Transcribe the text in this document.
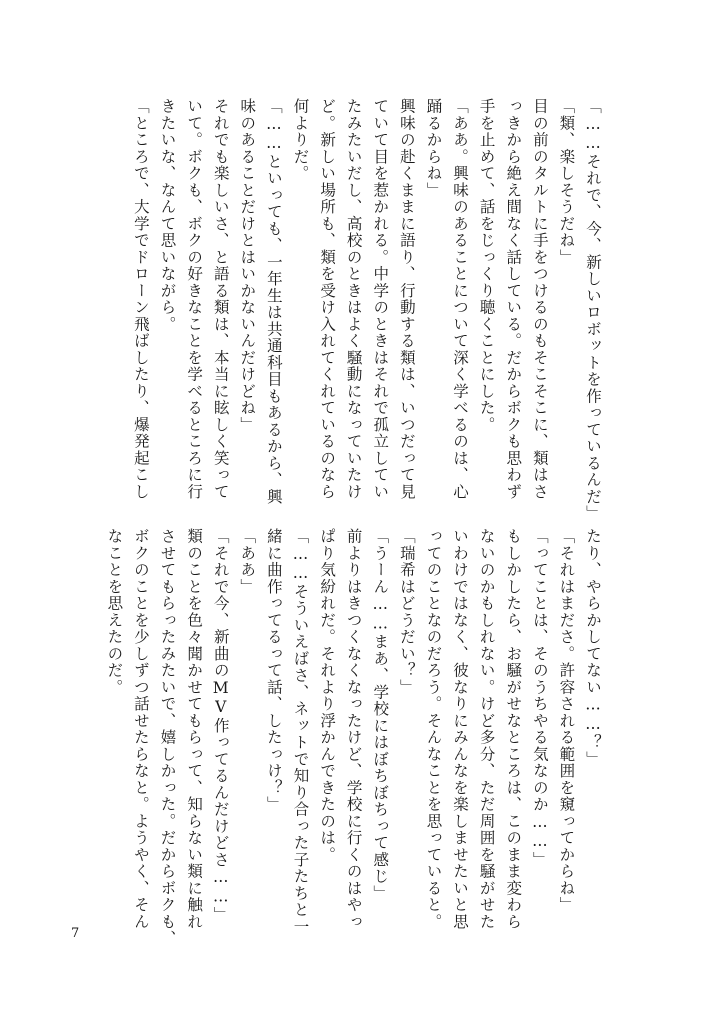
「……それで、今、新しいロボットを作っているんだ」

「類、楽しそうだね」

目の前のタルトに手をつけるのもそこそこに、類はさ

っきから絶え間なく話している。だからボクも思わず

手を止めて、話をじっくり聴くことにした。

「ああ。興味のあることについて深く学べるのは、心

踊るからね」

興味の赴くままに語り、行動する類は、いつだって見

ていて目を惹かれる。中学のときはそれで孤立してい

たみたいだし、高校のときはよく騒動になっていたけ

ど。新しい場所も、類を受け入れてくれているのなら

何よりだ。

「……といっても、一年生は共通科目もあるから、興

味のあることだけとはいかないんだけどね」

それでも楽しいさ、と語る類は、本当に眩しく笑って

いて。ボクも、ボクの好きなことを学べるところに行

きたいな、なんて思いながら。

「ところで、大学でドローン飛ばしたり、爆発起こし

たり、やらかしてない……？」

「それはまださ。許容される範囲を窺ってからね」

「ってことは、そのうちやる気なのか……」

もしかしたら、お騒がせなところは、このまま変わら

ないのかもしれない。けど多分、ただ周囲を騒がせた

いわけではなく、彼なりにみんなを楽しませたいと思

ってのことなのだろう。そんなことを思っていると。

「瑞希はどうだい？」

「うーん……まあ、学校にはぼちぼちって感じ」

前よりはきつくなくなったけど、学校に行くのはやっ

ぱり気紛れだ。それより浮かんできたのは。

「……そういえばさ、ネットで知り合った子たちと一

緒に曲作ってるって話、したっけ？」

「ああ」

「それで今、新曲のMV作ってるんだけどさ……」

類のことを色々聞かせてもらって、知らない類に触れ

させてもらったみたいで、嬉しかった。だからボクも、

ボクのことを少しずつ話せたらなと。ようやく、そん

なことを思えたのだ。

7
